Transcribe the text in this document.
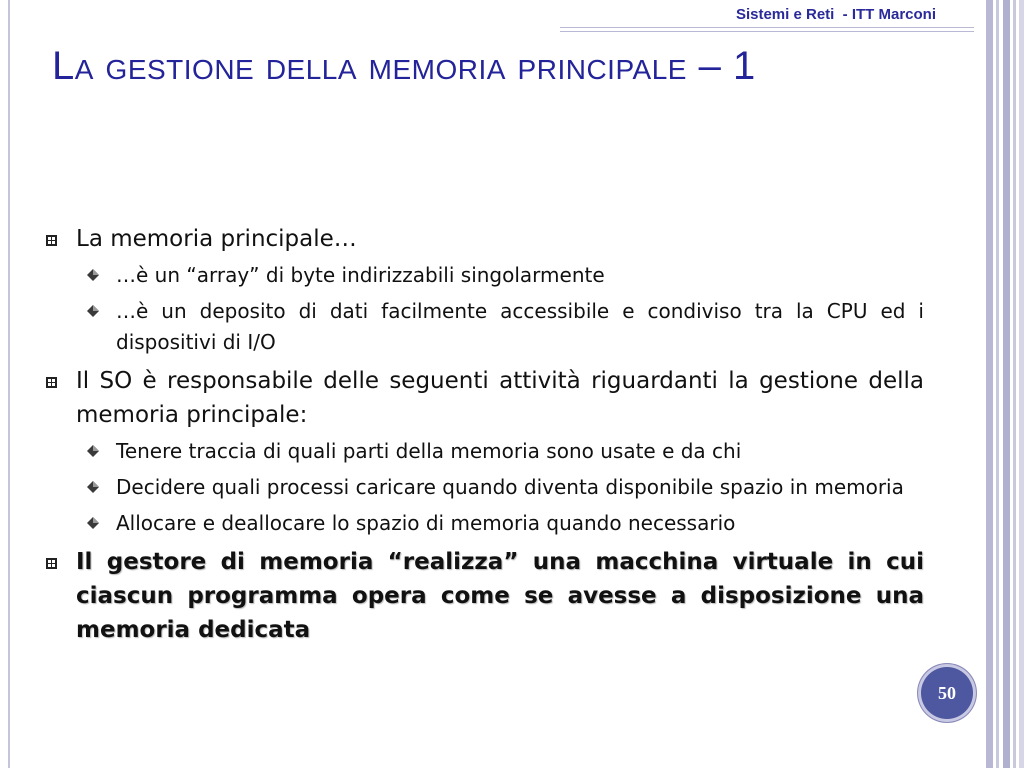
Sistemi e Reti  - ITT Marconi
La gestione della memoria principale – 1
La memoria principale…
…è un “array” di byte indirizzabili singolarmente
…è un deposito di dati facilmente accessibile e condiviso tra la CPU ed i dispositivi di I/O
Il SO è responsabile delle seguenti attività riguardanti la gestione della memoria principale:
Tenere traccia di quali parti della memoria sono usate e da chi
Decidere quali processi caricare quando diventa disponibile spazio in memoria
Allocare e deallocare lo spazio di memoria quando necessario
Il gestore di memoria “realizza” una macchina virtuale in cui ciascun programma opera come se avesse a disposizione una memoria dedicata
50
